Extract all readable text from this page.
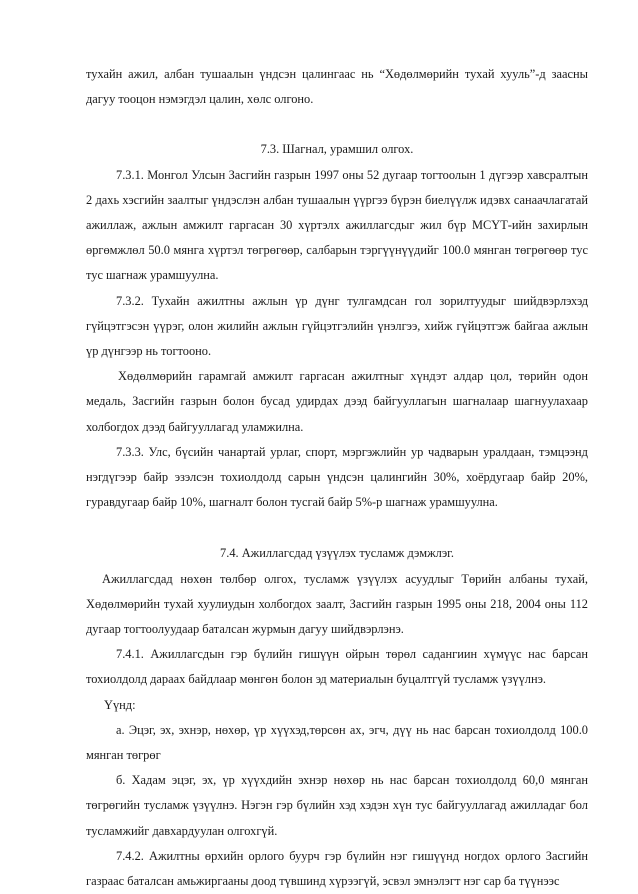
тухайн ажил, албан тушаалын үндсэн цалингаас нь “Хөдөлмөрийн тухай хууль”-д заасны дагуу тооцон нэмэгдэл цалин, хөлс олгоно.

7.3. Шагнал, урамшил олгох.

7.3.1. Монгол Улсын Засгийн газрын 1997 оны 52 дугаар тогтоолын 1 дүгээр хавсралтын 2 дахь хэсгийн заалтыг үндэслэн албан тушаалын үүргээ бүрэн биелүүлж идэвх санаачлагатай ажиллаж, ажлын амжилт гаргасан 30 хүртэлх ажиллагсдыг жил бүр МСҮТ-ийн захирлын өргөмжлөл 50.0 мянга хүртэл төгрөгөөр, салбарын тэргүүнүүдийг 100.0 мянган төгрөгөөр тус тус шагнаж урамшуулна.

7.3.2. Тухайн ажилтны ажлын үр дүнг тулгамдсан гол зорилтуудыг шийдвэрлэхэд гүйцэтгэсэн үүрэг, олон жилийн ажлын гүйцэтгэлийн үнэлгээ, хийж гүйцэтгэж байгаа ажлын үр дүнгээр нь тогтооно.

Хөдөлмөрийн гарамгай амжилт гаргасан ажилтныг хүндэт алдар цол, төрийн одон медаль, Засгийн газрын болон бусад удирдах дээд байгууллагын шагналаар шагнуулахаар холбогдох дээд байгууллагад уламжилна.

7.3.3. Улс, бүсийн чанартай урлаг, спорт, мэргэжлийн ур чадварын уралдаан, тэмцээнд нэгдүгээр байр эзэлсэн тохиолдолд сарын үндсэн цалингийн 30%, хоёрдугаар байр 20%, гуравдугаар байр 10%, шагналт болон тусгай байр 5%-р шагнаж урамшуулна.

7.4. Ажиллагсдад үзүүлэх тусламж дэмжлэг.

Ажиллагсдад нөхөн төлбөр олгох, тусламж үзүүлэх асуудлыг Төрийн албаны тухай, Хөдөлмөрийн тухай хуулиудын холбогдох заалт, Засгийн газрын 1995 оны 218, 2004 оны 112 дугаар тогтоолуудаар баталсан журмын дагуу шийдвэрлэнэ.

7.4.1. Ажиллагсдын гэр бүлийн гишүүн ойрын төрөл садангиин хүмүүс нас барсан тохиолдолд дараах байдлаар мөнгөн болон эд материалын буцалтгүй тусламж үзүүлнэ.

Үүнд:

а. Эцэг, эх, эхнэр, нөхөр, үр хүүхэд,төрсөн ах, эгч, дүү нь нас барсан тохиолдолд 100.0 мянган төгрөг

б. Хадам эцэг, эх, үр хүүхдийн эхнэр нөхөр нь нас барсан тохиолдолд 60,0 мянган төгрөгийн тусламж үзүүлнэ. Нэгэн гэр бүлийн хэд хэдэн хүн тус байгууллагад ажилладаг бол тусламжийг давхардуулан олгохгүй.

7.4.2. Ажилтны өрхийн орлого буурч гэр бүлийн нэг гишүүнд ногдох орлого Засгийн газраас баталсан амьжиргааны доод түвшинд хүрээгүй, эсвэл эмнэлэгт нэг сар ба түүнээс
